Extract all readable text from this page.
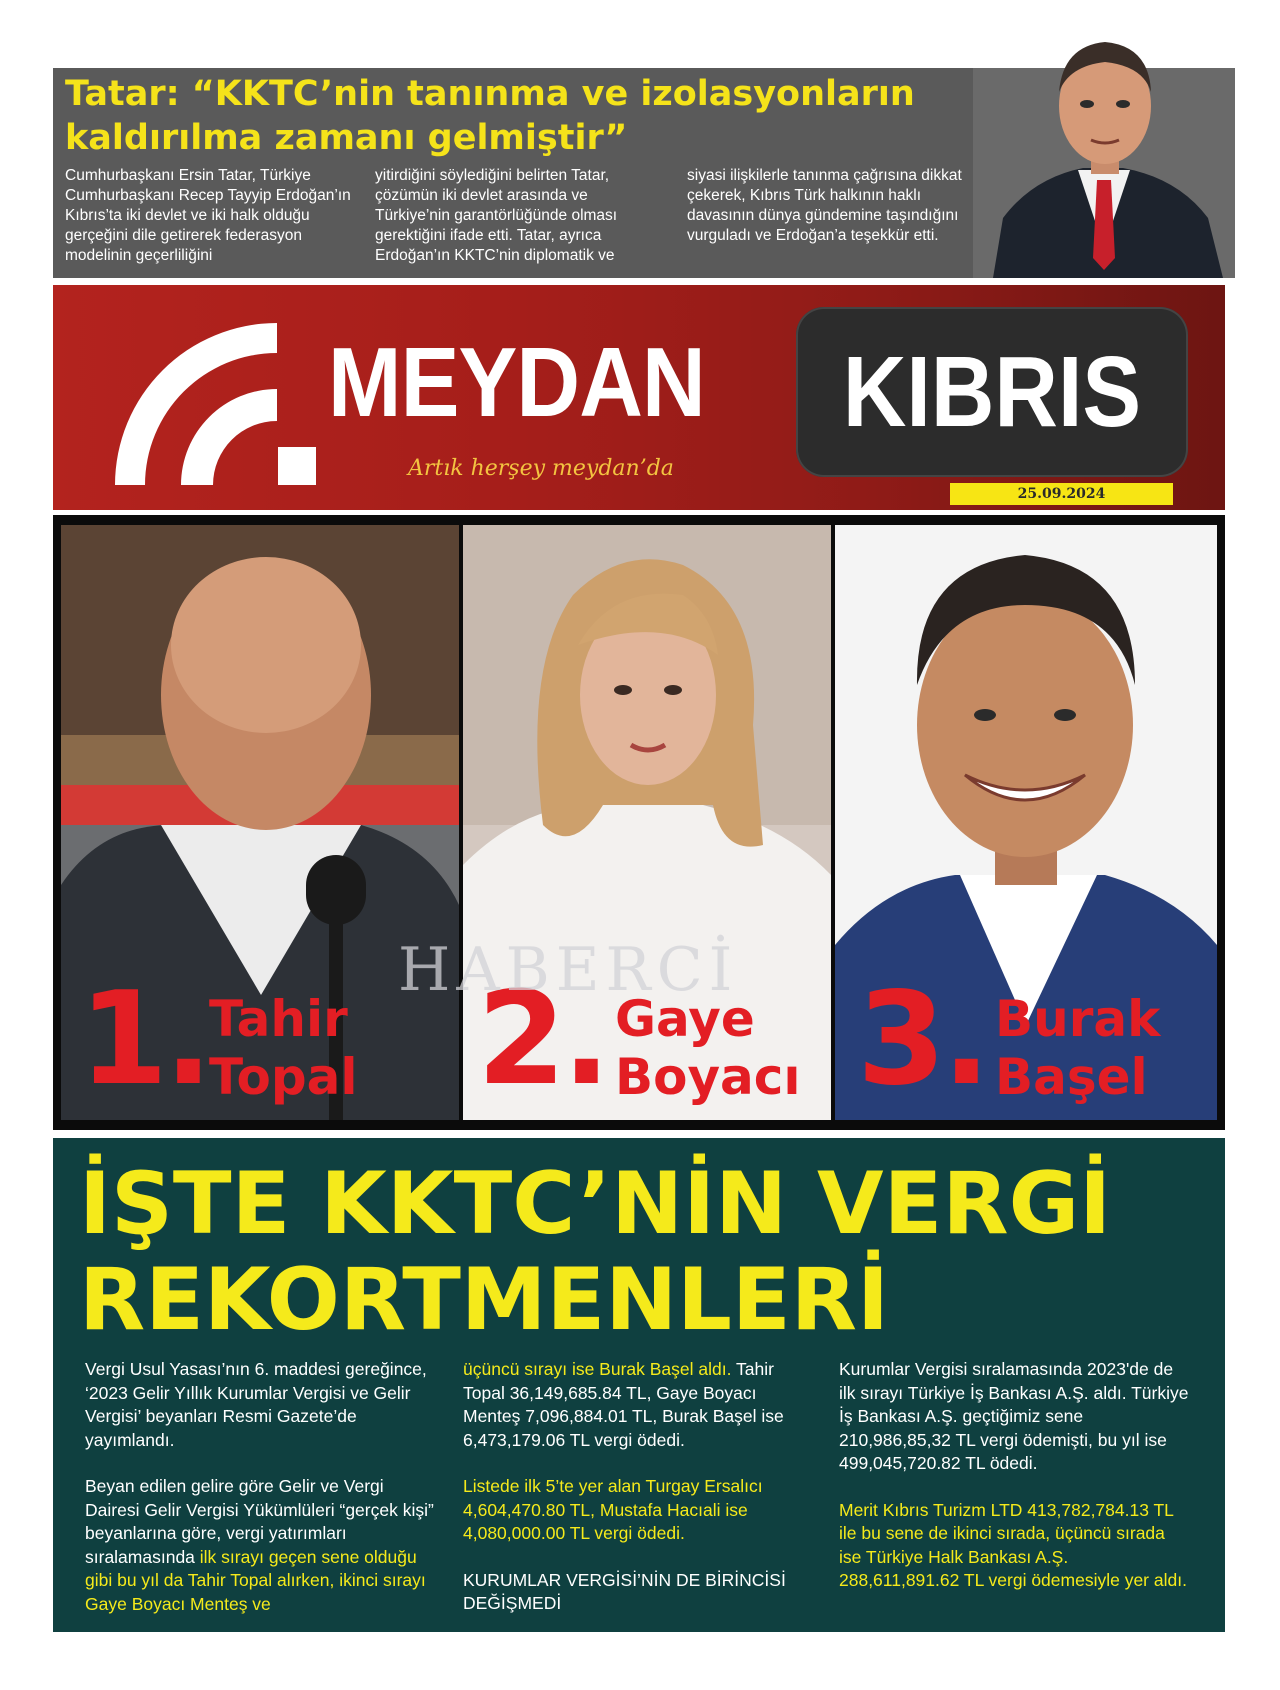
Tatar: “KKTC’nin tanınma ve izolasyonların kaldırılma zamanı gelmiştir”

Cumhurbaşkanı Ersin Tatar, Türkiye Cumhurbaşkanı Recep Tayyip Erdoğan’ın Kıbrıs’ta iki devlet ve iki halk olduğu gerçeğini dile getirerek federasyon modelinin geçerliliğini

yitirdiğini söylediğini belirten Tatar, çözümün iki devlet arasında ve Türkiye’nin garantörlüğünde olması gerektiğini ifade etti. Tatar, ayrıca Erdoğan’ın KKTC’nin diplomatik ve

siyasi ilişkilerle tanınma çağrısına dikkat çekerek, Kıbrıs Türk halkının haklı davasının dünya gündemine taşındığını vurguladı ve Erdoğan’a teşekkür etti.

MEYDAN KIBRIS

Artık herşey meydan’da

25.09.2024

1. Tahir
Topal 2. Gaye
Boyacı 3. Burak
Başel

HABERCİ

İŞTE KKTC’NİN VERGİ REKORTMENLERİ

Vergi Usul Yasası’nın 6. maddesi gereğince, ‘2023 Gelir Yıllık Kurumlar Vergisi ve Gelir Vergisi’ beyanları Resmi Gazete’de yayımlandı.

Beyan edilen gelire göre Gelir ve Vergi Dairesi Gelir Vergisi Yükümlüleri “gerçek kişi” beyanlarına göre, vergi yatırımları sıralamasında ilk sırayı geçen sene olduğu gibi bu yıl da Tahir Topal alırken, ikinci sırayı Gaye Boyacı Menteş ve

üçüncü sırayı ise Burak Başel aldı. Tahir Topal 36,149,685.84 TL, Gaye Boyacı Menteş 7,096,884.01 TL, Burak Başel ise 6,473,179.06 TL vergi ödedi.

Listede ilk 5’te yer alan Turgay Ersalıcı 4,604,470.80 TL, Mustafa Hacıali ise 4,080,000.00 TL vergi ödedi.

KURUMLAR VERGİSİ’NİN DE BİRİNCİSİ DEĞİŞMEDİ

Kurumlar Vergisi sıralamasında 2023'de de ilk sırayı Türkiye İş Bankası A.Ş. aldı. Türkiye İş Bankası A.Ş. geçtiğimiz sene 210,986,85,32 TL vergi ödemişti, bu yıl ise 499,045,720.82 TL ödedi.

Merit Kıbrıs Turizm LTD 413,782,784.13 TL ile bu sene de ikinci sırada, üçüncü sırada ise Türkiye Halk Bankası A.Ş. 288,611,891.62 TL vergi ödemesiyle yer aldı.
